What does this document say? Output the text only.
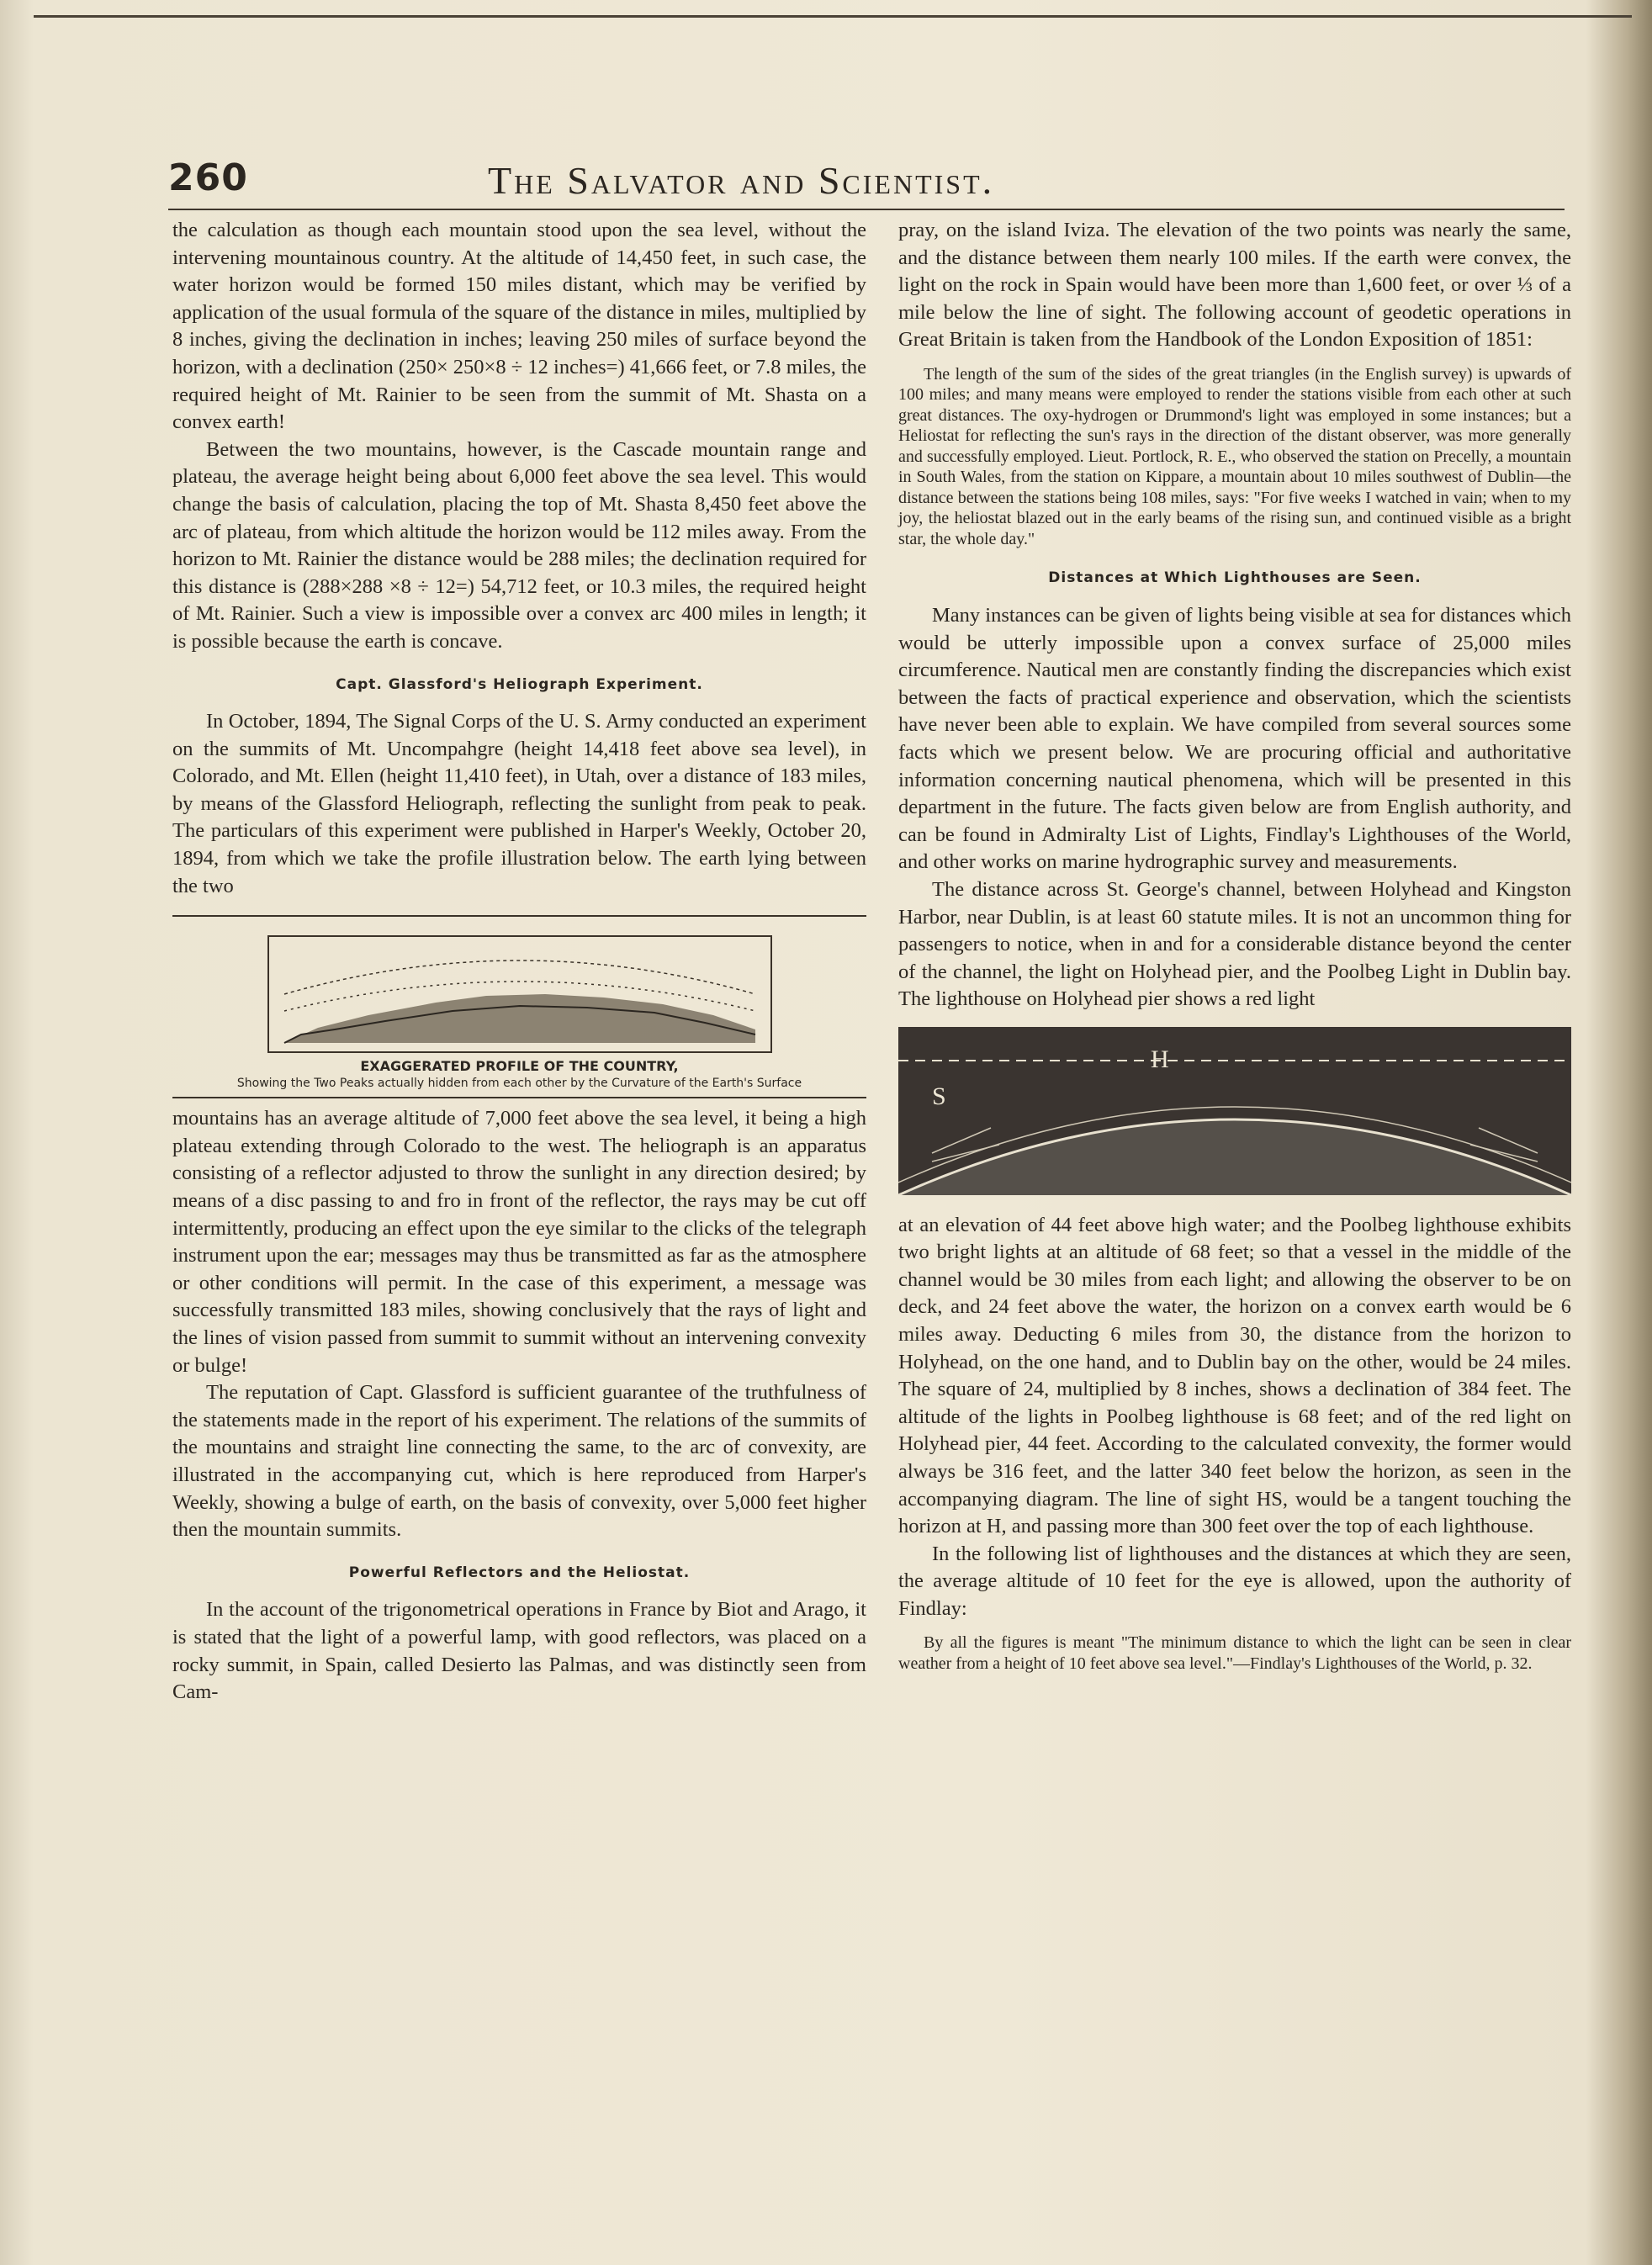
260	The Salvator and Scientist.

the calculation as though each mountain stood upon the sea level, without the intervening mountainous country. At the altitude of 14,450 feet, in such case, the water horizon would be formed 150 miles distant, which may be verified by application of the usual formula of the square of the distance in miles, multiplied by 8 inches, giving the declination in inches; leaving 250 miles of surface beyond the horizon, with a declination (250× 250×8 ÷ 12 inches=) 41,666 feet, or 7.8 miles, the required height of Mt. Rainier to be seen from the summit of Mt. Shasta on a convex earth!

Between the two mountains, however, is the Cascade mountain range and plateau, the average height being about 6,000 feet above the sea level. This would change the basis of calculation, placing the top of Mt. Shasta 8,450 feet above the arc of plateau, from which altitude the horizon would be 112 miles away. From the horizon to Mt. Rainier the distance would be 288 miles; the declination required for this distance is (288×288 ×8 ÷ 12=) 54,712 feet, or 10.3 miles, the required height of Mt. Rainier. Such a view is impossible over a convex arc 400 miles in length; it is possible because the earth is concave.

Capt. Glassford's Heliograph Experiment.

In October, 1894, The Signal Corps of the U. S. Army conducted an experiment on the summits of Mt. Uncompahgre (height 14,418 feet above sea level), in Colorado, and Mt. Ellen (height 11,410 feet), in Utah, over a distance of 183 miles, by means of the Glassford Heliograph, reflecting the sunlight from peak to peak. The particulars of this experiment were published in Harper's Weekly, October 20, 1894, from which we take the profile illustration below. The earth lying between the two

EXAGGERATED PROFILE OF THE COUNTRY,
Showing the Two Peaks actually hidden from each other by the Curvature of the Earth's Surface

mountains has an average altitude of 7,000 feet above the sea level, it being a high plateau extending through Colorado to the west. The heliograph is an apparatus consisting of a reflector adjusted to throw the sunlight in any direction desired; by means of a disc passing to and fro in front of the reflector, the rays may be cut off intermittently, producing an effect upon the eye similar to the clicks of the telegraph instrument upon the ear; messages may thus be transmitted as far as the atmosphere or other conditions will permit. In the case of this experiment, a message was successfully transmitted 183 miles, showing conclusively that the rays of light and the lines of vision passed from summit to summit without an intervening convexity or bulge!

The reputation of Capt. Glassford is sufficient guarantee of the truthfulness of the statements made in the report of his experiment. The relations of the summits of the mountains and straight line connecting the same, to the arc of convexity, are illustrated in the accompanying cut, which is here reproduced from Harper's Weekly, showing a bulge of earth, on the basis of convexity, over 5,000 feet higher then the mountain summits.

Powerful Reflectors and the Heliostat.

In the account of the trigonometrical operations in France by Biot and Arago, it is stated that the light of a powerful lamp, with good reflectors, was placed on a rocky summit, in Spain, called Desierto las Palmas, and was distinctly seen from Cam-

pray, on the island Iviza. The elevation of the two points was nearly the same, and the distance between them nearly 100 miles. If the earth were convex, the light on the rock in Spain would have been more than 1,600 feet, or over ⅓ of a mile below the line of sight. The following account of geodetic operations in Great Britain is taken from the Handbook of the London Exposition of 1851:

The length of the sum of the sides of the great triangles (in the English survey) is upwards of 100 miles; and many means were employed to render the stations visible from each other at such great distances. The oxy-hydrogen or Drummond's light was employed in some instances; but a Heliostat for reflecting the sun's rays in the direction of the distant observer, was more generally and successfully employed. Lieut. Portlock, R. E., who observed the station on Precelly, a mountain in South Wales, from the station on Kippare, a mountain about 10 miles southwest of Dublin—the distance between the stations being 108 miles, says: "For five weeks I watched in vain; when to my joy, the heliostat blazed out in the early beams of the rising sun, and continued visible as a bright star, the whole day."

Distances at Which Lighthouses are Seen.

Many instances can be given of lights being visible at sea for distances which would be utterly impossible upon a convex surface of 25,000 miles circumference. Nautical men are constantly finding the discrepancies which exist between the facts of practical experience and observation, which the scientists have never been able to explain. We have compiled from several sources some facts which we present below. We are procuring official and authoritative information concerning nautical phenomena, which will be presented in this department in the future. The facts given below are from English authority, and can be found in Admiralty List of Lights, Findlay's Lighthouses of the World, and other works on marine hydrographic survey and measurements.

The distance across St. George's channel, between Holyhead and Kingston Harbor, near Dublin, is at least 60 statute miles. It is not an uncommon thing for passengers to notice, when in and for a considerable distance beyond the center of the channel, the light on Holyhead pier, and the Poolbeg Light in Dublin bay. The lighthouse on Holyhead pier shows a red light

H
S

at an elevation of 44 feet above high water; and the Poolbeg lighthouse exhibits two bright lights at an altitude of 68 feet; so that a vessel in the middle of the channel would be 30 miles from each light; and allowing the observer to be on deck, and 24 feet above the water, the horizon on a convex earth would be 6 miles away. Deducting 6 miles from 30, the distance from the horizon to Holyhead, on the one hand, and to Dublin bay on the other, would be 24 miles. The square of 24, multiplied by 8 inches, shows a declination of 384 feet. The altitude of the lights in Poolbeg lighthouse is 68 feet; and of the red light on Holyhead pier, 44 feet. According to the calculated convexity, the former would always be 316 feet, and the latter 340 feet below the horizon, as seen in the accompanying diagram. The line of sight HS, would be a tangent touching the horizon at H, and passing more than 300 feet over the top of each lighthouse.

In the following list of lighthouses and the distances at which they are seen, the average altitude of 10 feet for the eye is allowed, upon the authority of Findlay:

By all the figures is meant "The minimum distance to which the light can be seen in clear weather from a height of 10 feet above sea level."—Findlay's Lighthouses of the World, p. 32.
